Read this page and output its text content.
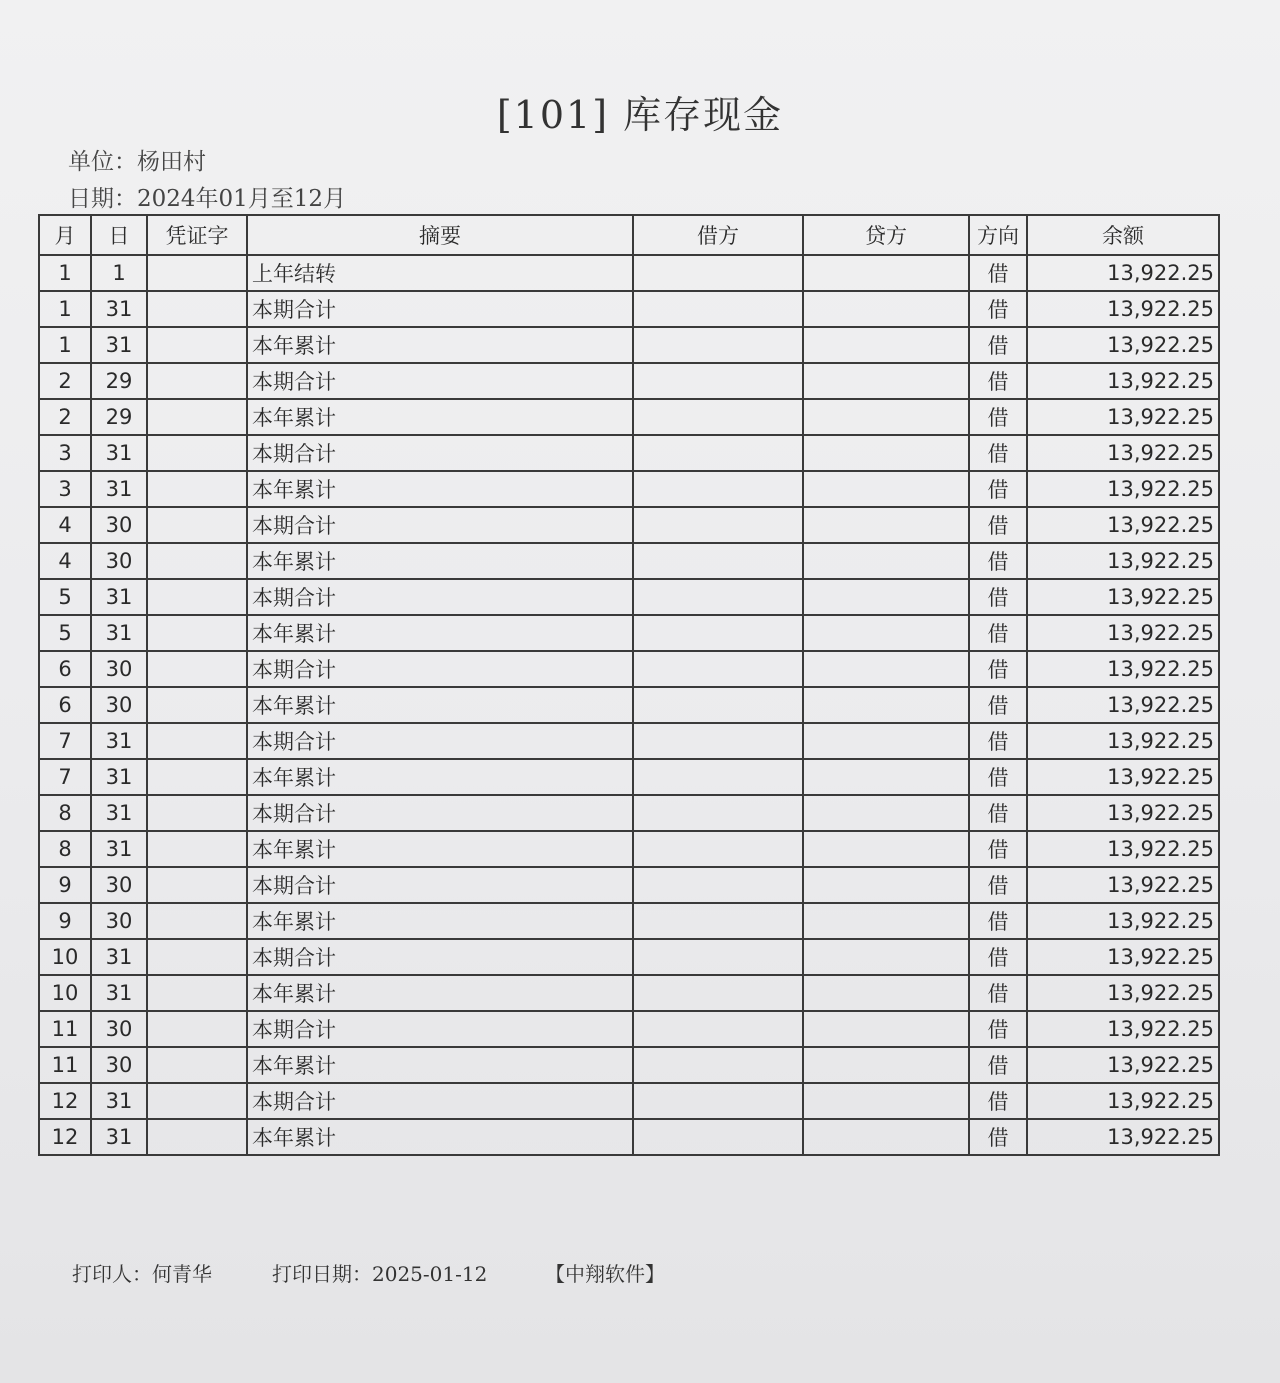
[101] 库存现金
单位：杨田村
日期：2024年01月至12月
月	日	凭证字	摘要	借方	贷方	方向	余额
1	1		上年结转			借	13,922.25
1	31		本期合计			借	13,922.25
1	31		本年累计			借	13,922.25
2	29		本期合计			借	13,922.25
2	29		本年累计			借	13,922.25
3	31		本期合计			借	13,922.25
3	31		本年累计			借	13,922.25
4	30		本期合计			借	13,922.25
4	30		本年累计			借	13,922.25
5	31		本期合计			借	13,922.25
5	31		本年累计			借	13,922.25
6	30		本期合计			借	13,922.25
6	30		本年累计			借	13,922.25
7	31		本期合计			借	13,922.25
7	31		本年累计			借	13,922.25
8	31		本期合计			借	13,922.25
8	31		本年累计			借	13,922.25
9	30		本期合计			借	13,922.25
9	30		本年累计			借	13,922.25
10	31		本期合计			借	13,922.25
10	31		本年累计			借	13,922.25
11	30		本期合计			借	13,922.25
11	30		本年累计			借	13,922.25
12	31		本期合计			借	13,922.25
12	31		本年累计			借	13,922.25
打印人：何青华	打印日期：2025-01-12	【中翔软件】
